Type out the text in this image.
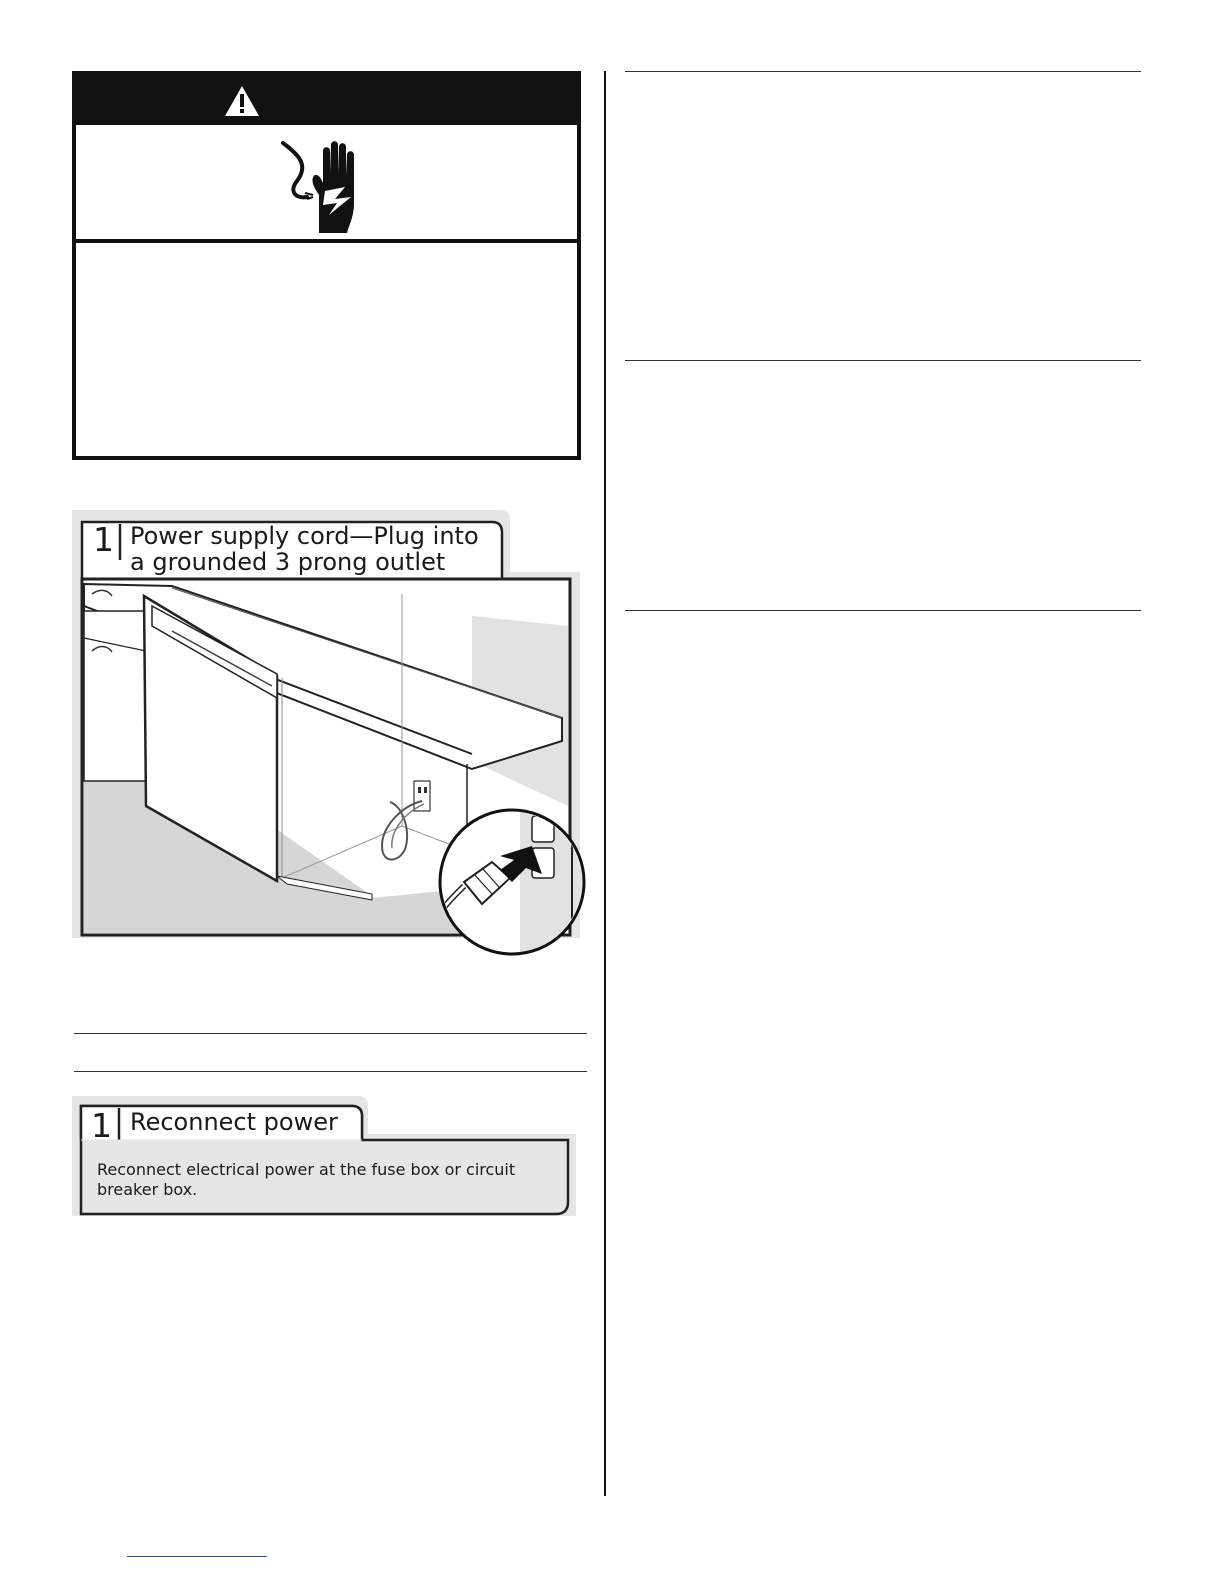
1 Power supply cord—Plug into
a grounded 3 prong outlet
1 Reconnect power
Reconnect electrical power at the fuse box or circuit breaker box.
